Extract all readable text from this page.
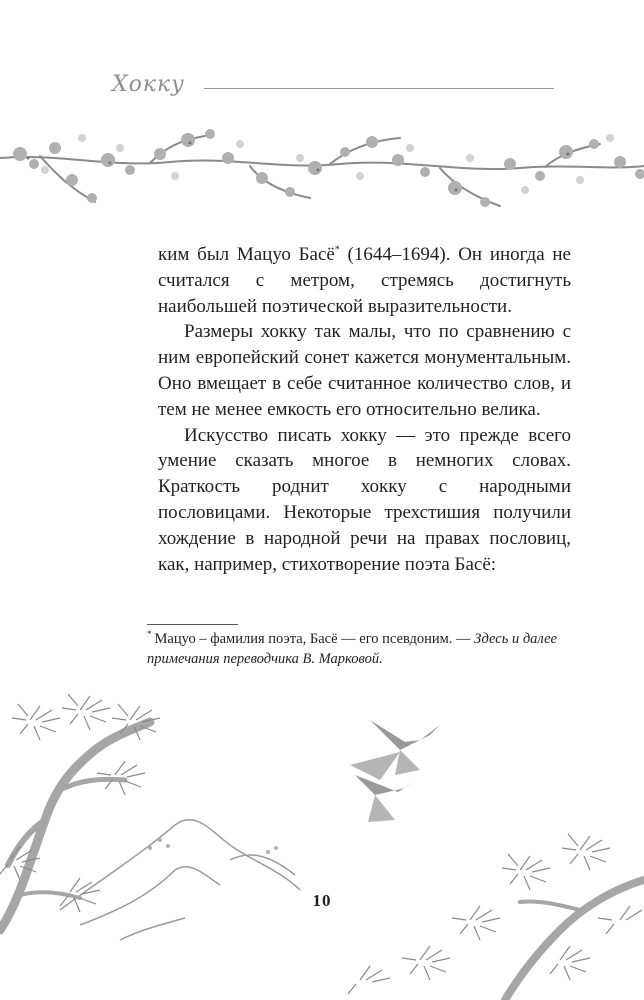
Хокку

ким был Мацуо Басё* (1644–1694). Он иногда не считался с метром, стремясь достигнуть наибольшей поэтической выразительности.

Размеры хокку так малы, что по сравнению с ним европейский сонет кажется монументальным. Оно вмещает в себе считанное количество слов, и тем не менее емкость его относительно велика.

Искусство писать хокку — это прежде всего умение сказать многое в немногих словах. Краткость роднит хокку с народными пословицами. Некоторые трехстишия получили хождение в народной речи на правах пословиц, как, например, стихотворение поэта Басё:

* Мацуо – фамилия поэта, Басё — его псевдоним. — Здесь и далее примечания переводчика В. Марковой.
10
